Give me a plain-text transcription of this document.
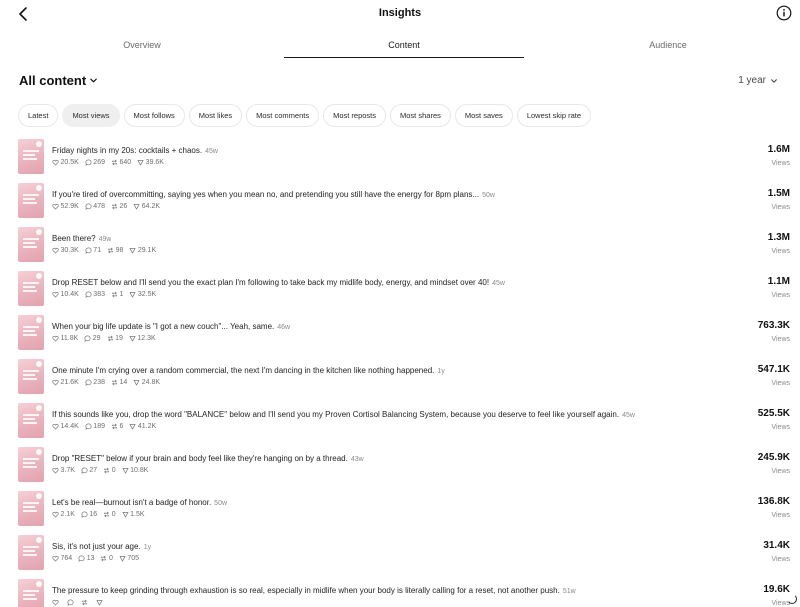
Insights
Overview	Content	Audience
All content	1 year
Latest	Most views	Most follows	Most likes	Most comments	Most reposts	Most shares	Most saves	Lowest skip rate
Friday nights in my 20s: cocktails + chaos. 45w
20.5K 269 640 39.6K
1.6M
Views
If you're tired of overcommitting, saying yes when you mean no, and pretending you still have the energy for 8pm plans... 50w
52.9K 478 26 64.2K
1.5M
Views
Been there? 49w
30.3K 71 98 29.1K
1.3M
Views
Drop RESET below and I'll send you the exact plan I'm following to take back my midlife body, energy, and mindset over 40! 45w
10.4K 383 1 32.5K
1.1M
Views
When your big life update is "I got a new couch"... Yeah, same. 46w
11.8K 29 19 12.3K
763.3K
Views
One minute I'm crying over a random commercial, the next I'm dancing in the kitchen like nothing happened. 1y
21.6K 238 14 24.8K
547.1K
Views
If this sounds like you, drop the word "BALANCE" below and I'll send you my Proven Cortisol Balancing System, because you deserve to feel like yourself again. 45w
14.4K 189 6 41.2K
525.5K
Views
Drop "RESET" below if your brain and body feel like they're hanging on by a thread. 43w
3.7K 27 0 10.8K
245.9K
Views
Let's be real—burnout isn't a badge of honor. 50w
2.1K 16 0 1.5K
136.8K
Views
Sis, it's not just your age. 1y
764 13 0 705
31.4K
Views
The pressure to keep grinding through exhaustion is so real, especially in midlife when your body is literally calling for a reset, not another push. 51w	19.6K
Views
